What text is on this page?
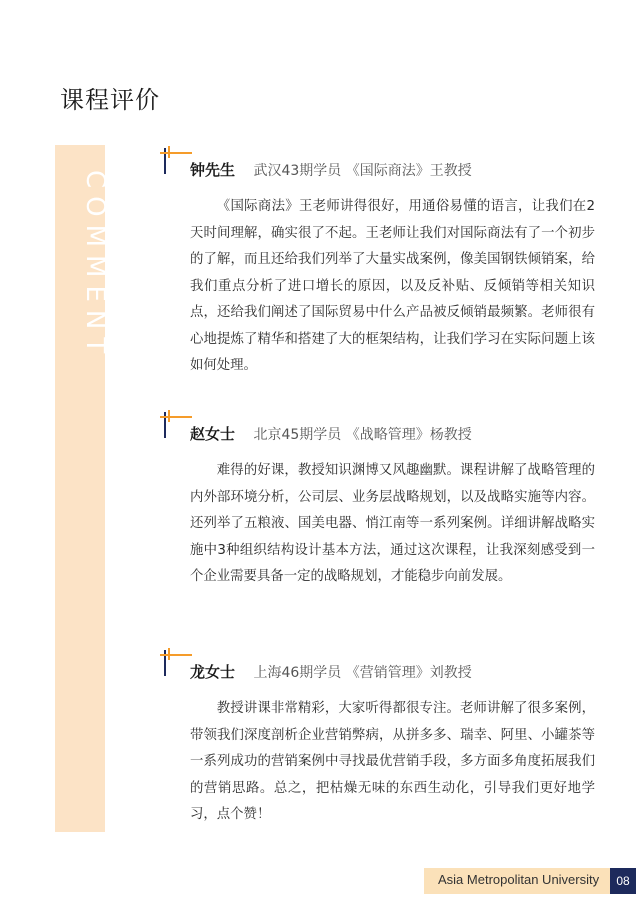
课程评价
COMMENT	钟先生 武汉43期学员 《国际商法》王教授
《国际商法》王老师讲得很好，用通俗易懂的语言，让我们在2天时间理解，确实很了不起。王老师让我们对国际商法有了一个初步的了解，而且还给我们列举了大量实战案例，像美国钢铁倾销案，给我们重点分析了进口增长的原因，以及反补贴、反倾销等相关知识点，还给我们阐述了国际贸易中什么产品被反倾销最频繁。老师很有心地提炼了精华和搭建了大的框架结构，让我们学习在实际问题上该如何处理。
赵女士 北京45期学员 《战略管理》杨教授
难得的好课，教授知识渊博又风趣幽默。课程讲解了战略管理的内外部环境分析，公司层、业务层战略规划，以及战略实施等内容。还列举了五粮液、国美电器、悄江南等一系列案例。详细讲解战略实施中3种组织结构设计基本方法，通过这次课程，让我深刻感受到一个企业需要具备一定的战略规划，才能稳步向前发展。
龙女士 上海46期学员 《营销管理》刘教授
教授讲课非常精彩，大家听得都很专注。老师讲解了很多案例，带领我们深度剖析企业营销弊病，从拼多多、瑞幸、阿里、小罐茶等一系列成功的营销案例中寻找最优营销手段，多方面多角度拓展我们的营销思路。总之，把枯燥无味的东西生动化，引导我们更好地学习，点个赞！
Asia Metropolitan University	08
